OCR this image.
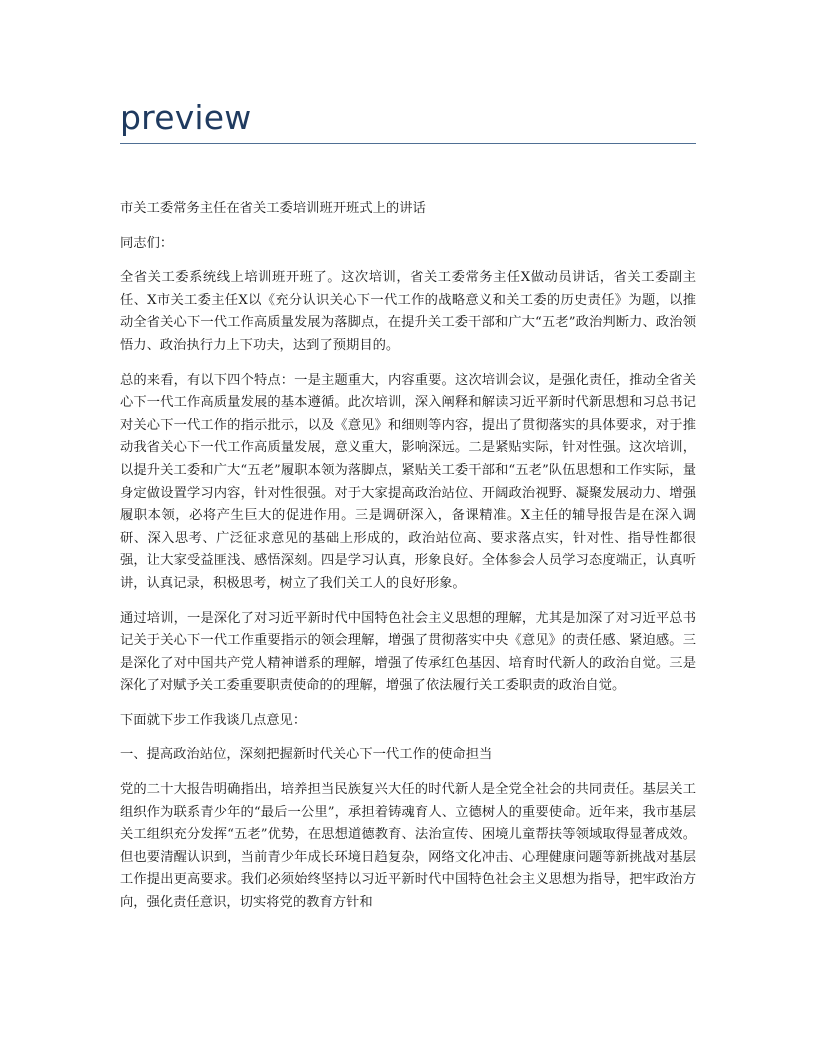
preview

市关工委常务主任在省关工委培训班开班式上的讲话

同志们：

全省关工委系统线上培训班开班了。这次培训，省关工委常务主任X做动员讲话，省关工委副主任、X市关工委主任X以《充分认识关心下一代工作的战略意义和关工委的历史责任》为题，以推动全省关心下一代工作高质量发展为落脚点，在提升关工委干部和广大“五老”政治判断力、政治领悟力、政治执行力上下功夫，达到了预期目的。

总的来看，有以下四个特点：一是主题重大，内容重要。这次培训会议，是强化责任，推动全省关心下一代工作高质量发展的基本遵循。此次培训，深入阐释和解读习近平新时代新思想和习总书记对关心下一代工作的指示批示，以及《意见》和细则等内容，提出了贯彻落实的具体要求，对于推动我省关心下一代工作高质量发展，意义重大，影响深远。二是紧贴实际，针对性强。这次培训，以提升关工委和广大“五老”履职本领为落脚点，紧贴关工委干部和“五老”队伍思想和工作实际，量身定做设置学习内容，针对性很强。对于大家提高政治站位、开阔政治视野、凝聚发展动力、增强履职本领，必将产生巨大的促进作用。三是调研深入，备课精准。X主任的辅导报告是在深入调研、深入思考、广泛征求意见的基础上形成的，政治站位高、要求落点实，针对性、指导性都很强，让大家受益匪浅、感悟深刻。四是学习认真，形象良好。全体参会人员学习态度端正，认真听讲，认真记录，积极思考，树立了我们关工人的良好形象。

通过培训，一是深化了对习近平新时代中国特色社会主义思想的理解，尤其是加深了对习近平总书记关于关心下一代工作重要指示的领会理解，增强了贯彻落实中央《意见》的责任感、紧迫感。三是深化了对中国共产党人精神谱系的理解，增强了传承红色基因、培育时代新人的政治自觉。三是深化了对赋予关工委重要职责使命的的理解，增强了依法履行关工委职责的政治自觉。

下面就下步工作我谈几点意见：

一、提高政治站位，深刻把握新时代关心下一代工作的使命担当

党的二十大报告明确指出，培养担当民族复兴大任的时代新人是全党全社会的共同责任。基层关工组织作为联系青少年的“最后一公里”，承担着铸魂育人、立德树人的重要使命。近年来，我市基层关工组织充分发挥“五老”优势，在思想道德教育、法治宣传、困境儿童帮扶等领域取得显著成效。但也要清醒认识到，当前青少年成长环境日趋复杂，网络文化冲击、心理健康问题等新挑战对基层工作提出更高要求。我们必须始终坚持以习近平新时代中国特色社会主义思想为指导，把牢政治方向，强化责任意识，切实将党的教育方针和
